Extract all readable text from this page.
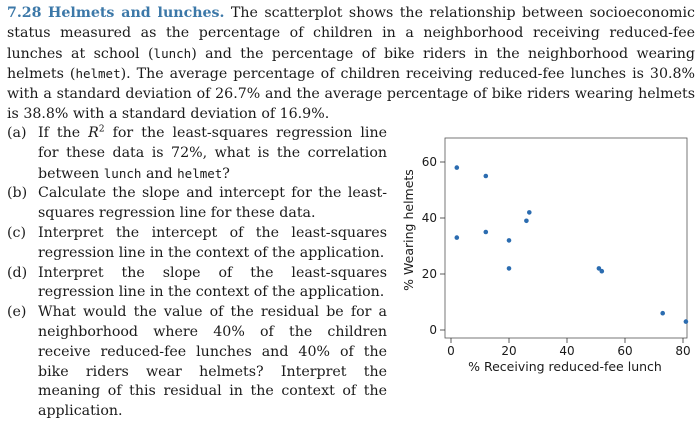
7.28 Helmets and lunches. The scatterplot shows the relationship between socioeconomic status measured as the percentage of children in a neighborhood receiving reduced-fee lunches at school (lunch) and the percentage of bike riders in the neighborhood wearing helmets (helmet). The average percentage of children receiving reduced-fee lunches is 30.8% with a standard deviation of 26.7% and the average percentage of bike riders wearing helmets is 38.8% with a standard deviation of 16.9%.
(a) If the $R^2$ for the least-squares regression line for these data is 72%, what is the correlation between lunch and helmet?
(b) Calculate the slope and intercept for the least-squares regression line for these data.
(c) Interpret the intercept of the least-squares regression line in the context of the application.
(d) Interpret the slope of the least-squares regression line in the context of the application.
(e) What would the value of the residual be for a neighborhood where 40% of the children receive reduced-fee lunches and 40% of the bike riders wear helmets? Interpret the meaning of this residual in the context of the application.
0	20	40	60	80
0
20
40
60
% Receiving reduced-fee lunch
% Wearing helmets
